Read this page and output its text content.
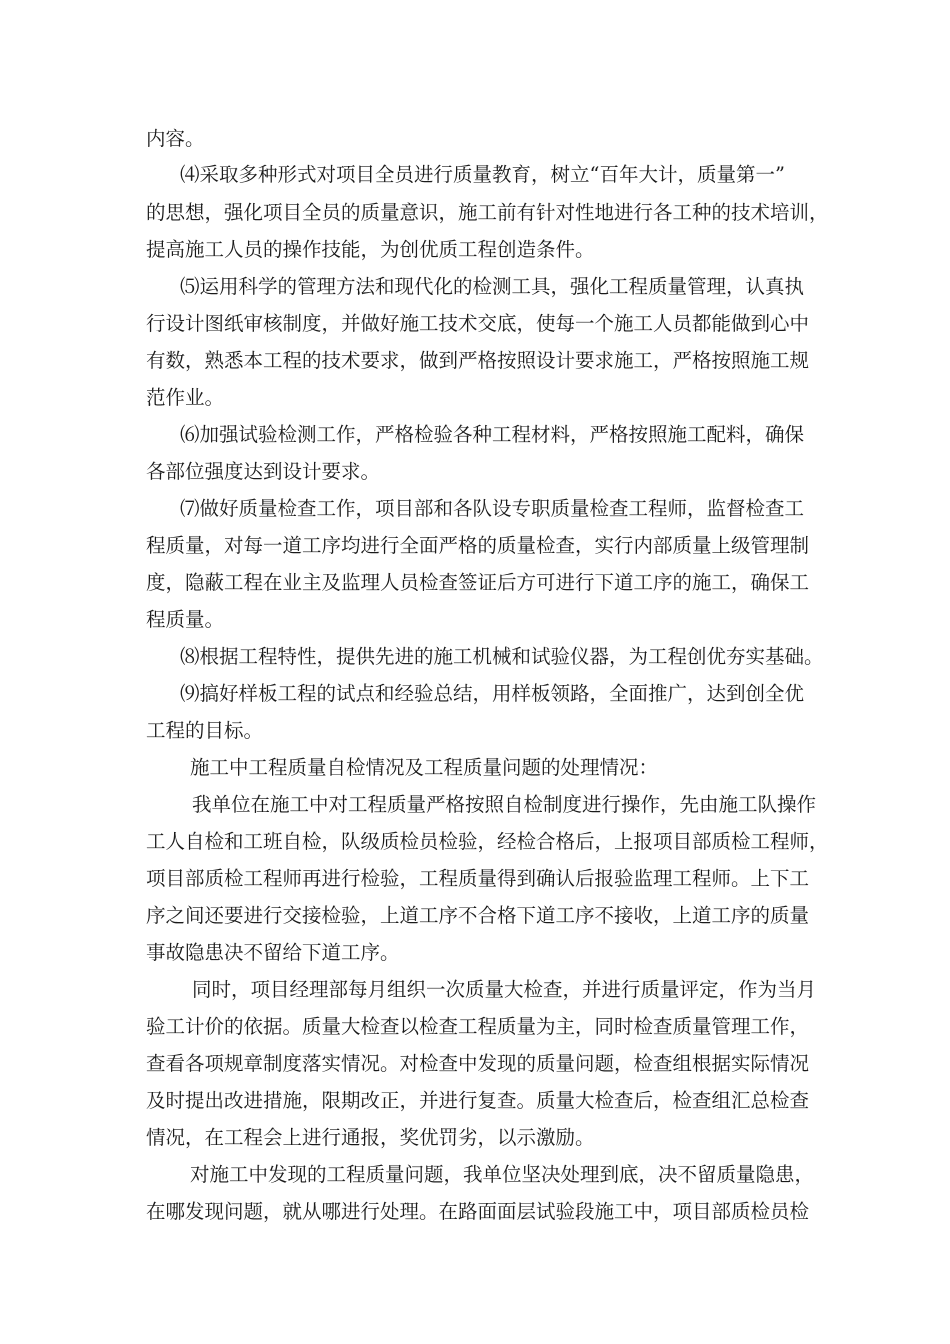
内容。
⑷采取多种形式对项目全员进行质量教育，树立“百年大计，质量第一”
的思想，强化项目全员的质量意识，施工前有针对性地进行各工种的技术培训，
提高施工人员的操作技能，为创优质工程创造条件。
⑸运用科学的管理方法和现代化的检测工具，强化工程质量管理，认真执
行设计图纸审核制度，并做好施工技术交底，使每一个施工人员都能做到心中
有数，熟悉本工程的技术要求，做到严格按照设计要求施工，严格按照施工规
范作业。
⑹加强试验检测工作，严格检验各种工程材料，严格按照施工配料，确保
各部位强度达到设计要求。
⑺做好质量检查工作，项目部和各队设专职质量检查工程师，监督检查工
程质量，对每一道工序均进行全面严格的质量检查，实行内部质量上级管理制
度，隐蔽工程在业主及监理人员检查签证后方可进行下道工序的施工，确保工
程质量。
⑻根据工程特性，提供先进的施工机械和试验仪器，为工程创优夯实基础。
⑼搞好样板工程的试点和经验总结，用样板领路，全面推广，达到创全优
工程的目标。
施工中工程质量自检情况及工程质量问题的处理情况：
我单位在施工中对工程质量严格按照自检制度进行操作，先由施工队操作
工人自检和工班自检，队级质检员检验，经检合格后，上报项目部质检工程师，
项目部质检工程师再进行检验，工程质量得到确认后报验监理工程师。上下工
序之间还要进行交接检验，上道工序不合格下道工序不接收，上道工序的质量
事故隐患决不留给下道工序。
同时，项目经理部每月组织一次质量大检查，并进行质量评定，作为当月
验工计价的依据。质量大检查以检查工程质量为主，同时检查质量管理工作，
查看各项规章制度落实情况。对检查中发现的质量问题，检查组根据实际情况
及时提出改进措施，限期改正，并进行复查。质量大检查后，检查组汇总检查
情况，在工程会上进行通报，奖优罚劣，以示激励。
对施工中发现的工程质量问题，我单位坚决处理到底，决不留质量隐患，
在哪发现问题，就从哪进行处理。在路面面层试验段施工中，项目部质检员检
